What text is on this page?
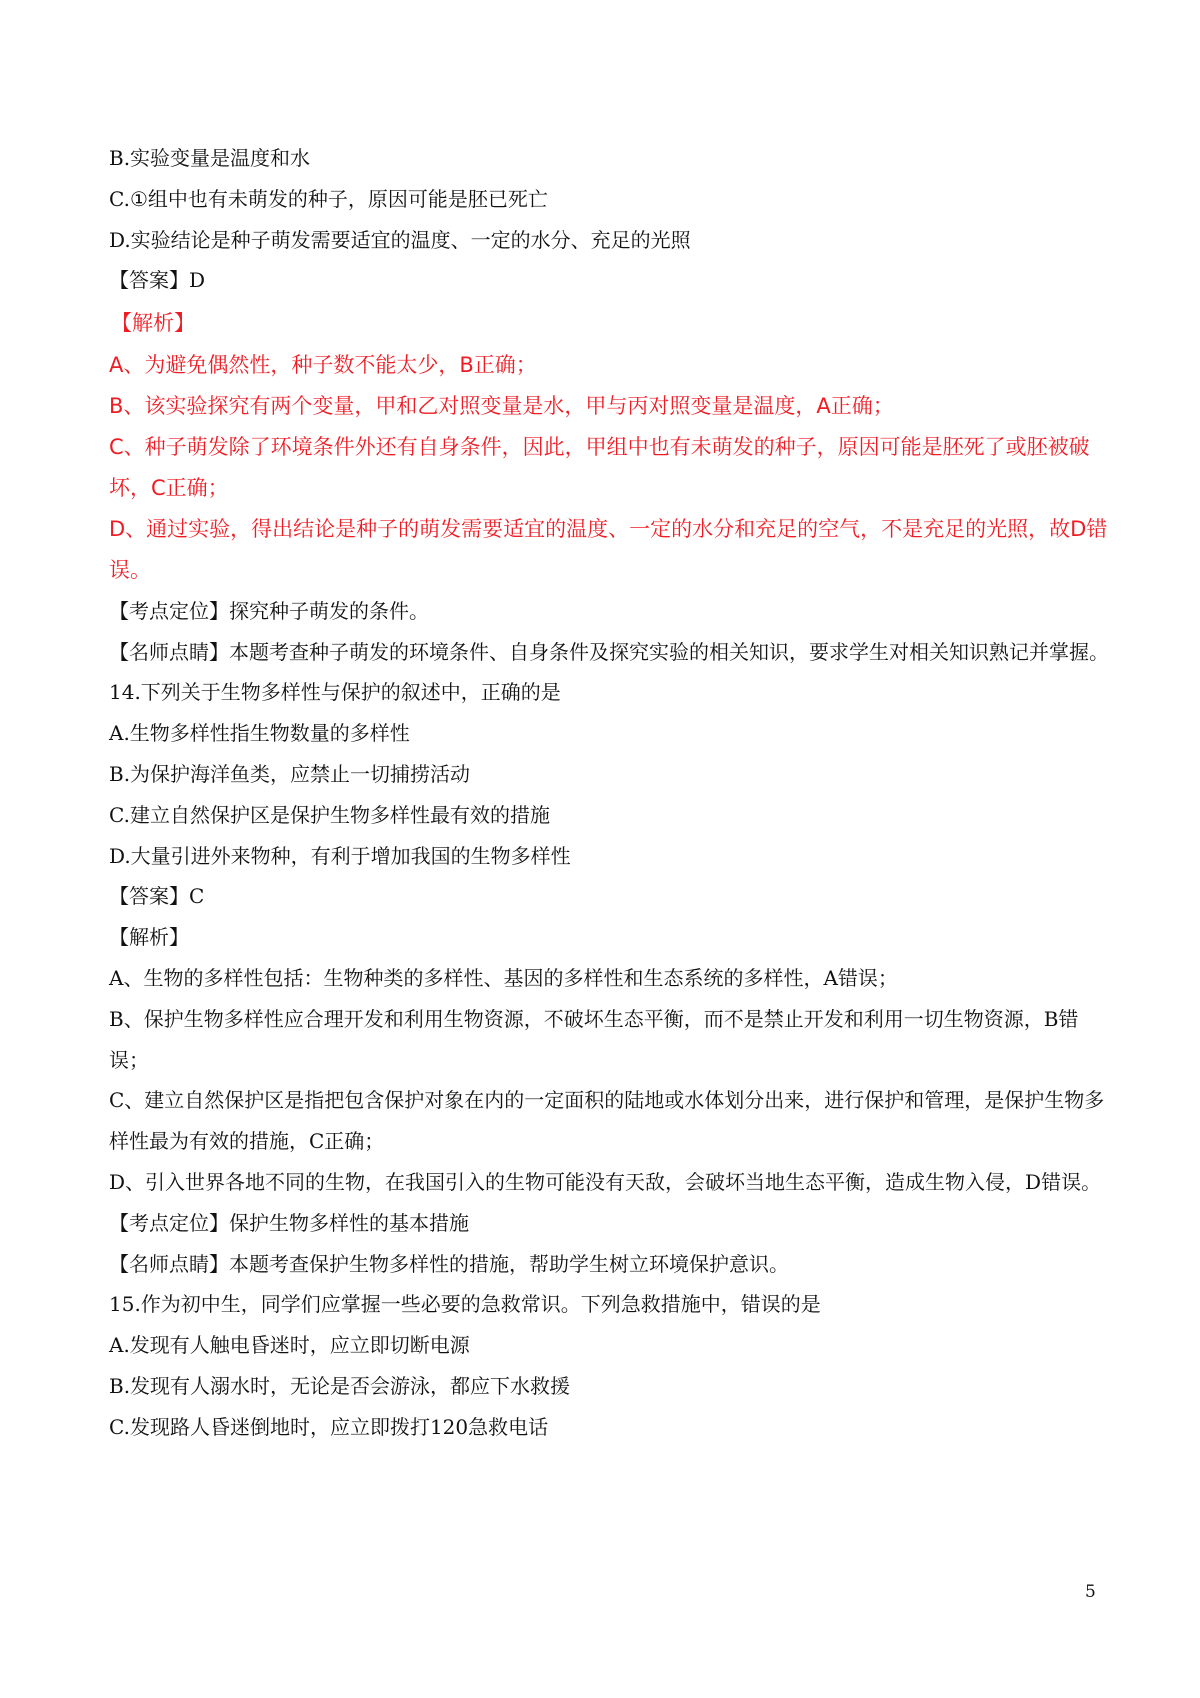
B.实验变量是温度和水
C.①组中也有未萌发的种子，原因可能是胚已死亡
D.实验结论是种子萌发需要适宜的温度、一定的水分、充足的光照
【答案】D
【解析】
A、为避免偶然性，种子数不能太少，B正确；
B、该实验探究有两个变量，甲和乙对照变量是水，甲与丙对照变量是温度，A正确；
C、种子萌发除了环境条件外还有自身条件，因此，甲组中也有未萌发的种子，原因可能是胚死了或胚被破坏，C正确；
D、通过实验，得出结论是种子的萌发需要适宜的温度、一定的水分和充足的空气，不是充足的光照，故D错误。
【考点定位】探究种子萌发的条件。
【名师点睛】本题考查种子萌发的环境条件、自身条件及探究实验的相关知识，要求学生对相关知识熟记并掌握。
14.下列关于生物多样性与保护的叙述中，正确的是
A.生物多样性指生物数量的多样性
B.为保护海洋鱼类，应禁止一切捕捞活动
C.建立自然保护区是保护生物多样性最有效的措施
D.大量引进外来物种，有利于增加我国的生物多样性
【答案】C
【解析】
A、生物的多样性包括：生物种类的多样性、基因的多样性和生态系统的多样性，A错误；
B、保护生物多样性应合理开发和利用生物资源，不破坏生态平衡，而不是禁止开发和利用一切生物资源，B错误；
C、建立自然保护区是指把包含保护对象在内的一定面积的陆地或水体划分出来，进行保护和管理，是保护生物多样性最为有效的措施，C正确；
D、引入世界各地不同的生物，在我国引入的生物可能没有天敌，会破坏当地生态平衡，造成生物入侵，D错误。
【考点定位】保护生物多样性的基本措施
【名师点睛】本题考查保护生物多样性的措施，帮助学生树立环境保护意识。
15.作为初中生，同学们应掌握一些必要的急救常识。下列急救措施中，错误的是
A.发现有人触电昏迷时，应立即切断电源
B.发现有人溺水时，无论是否会游泳，都应下水救援
C.发现路人昏迷倒地时，应立即拨打120急救电话
5
